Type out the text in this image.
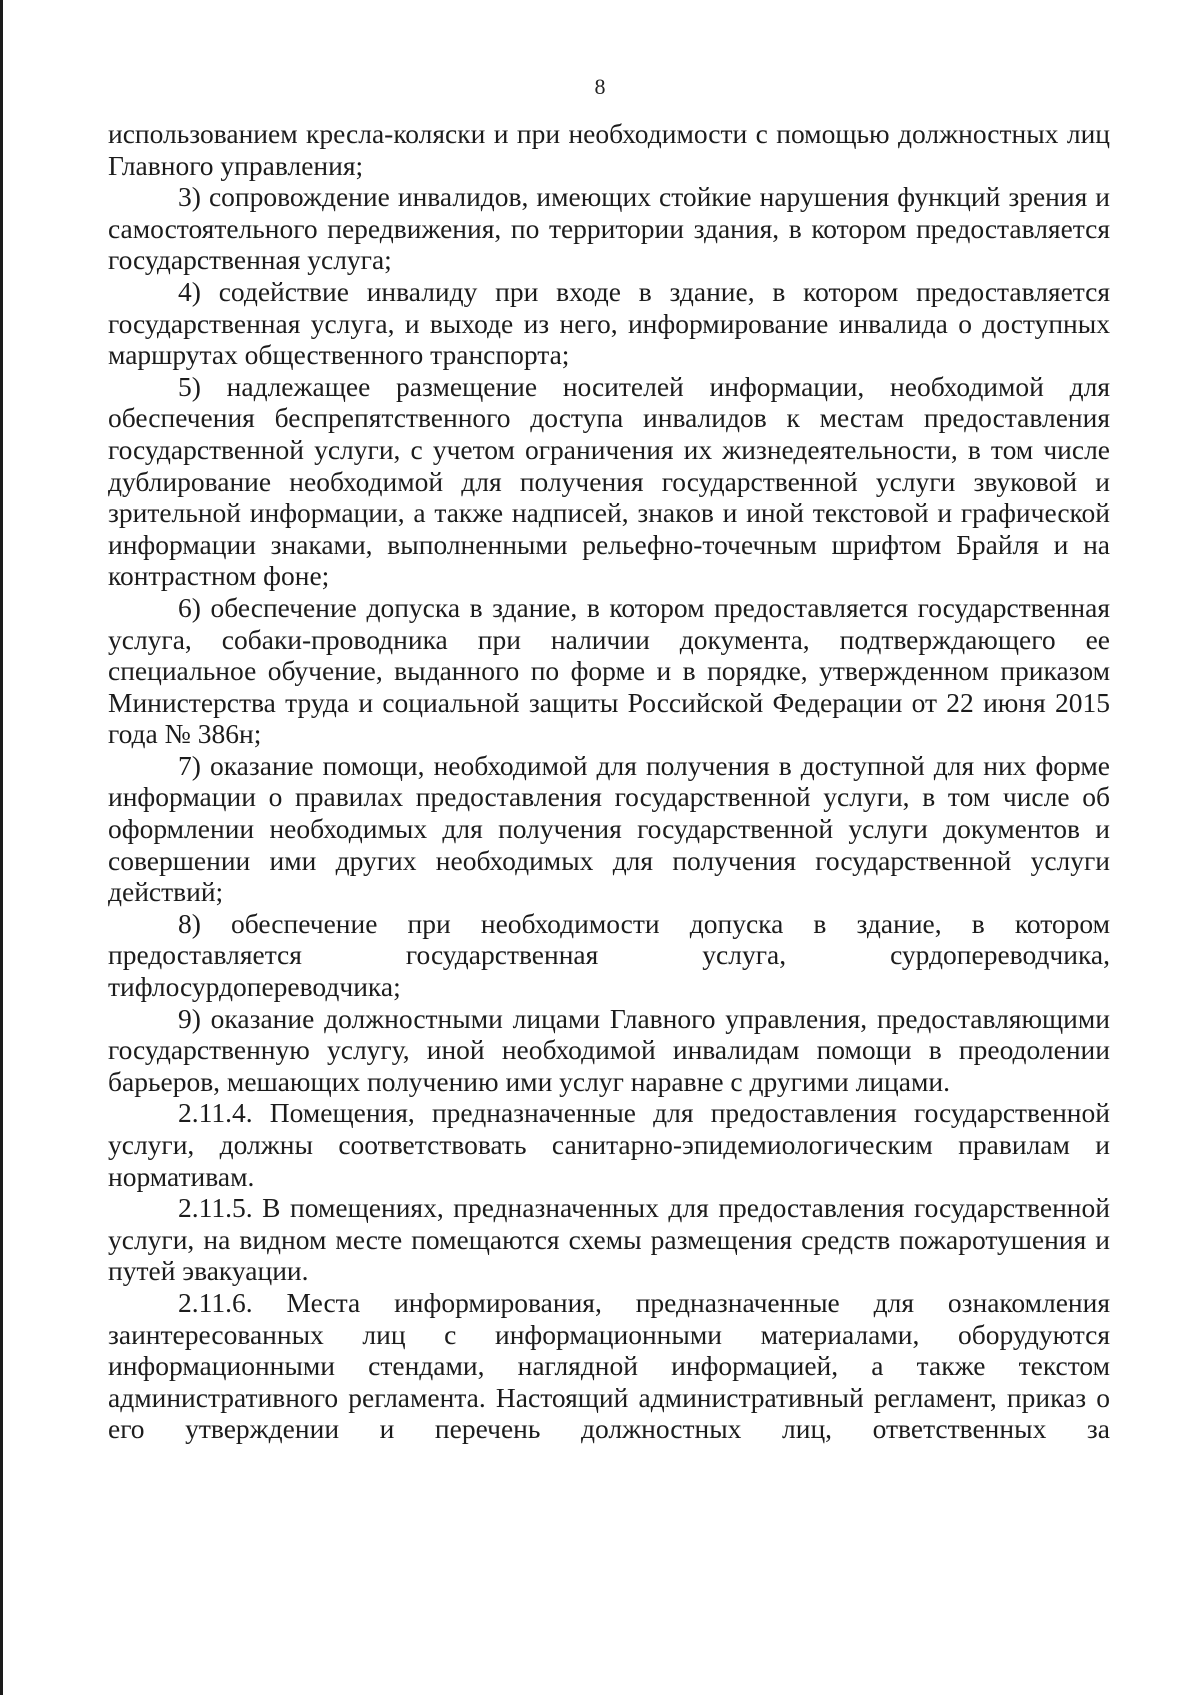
8

использованием кресла-коляски и при необходимости с помощью должностных лиц Главного управления;

3) сопровождение инвалидов, имеющих стойкие нарушения функций зрения и самостоятельного передвижения, по территории здания, в котором предоставляется государственная услуга;

4) содействие инвалиду при входе в здание, в котором предоставляется государственная услуга, и выходе из него, информирование инвалида о доступных маршрутах общественного транспорта;

5) надлежащее размещение носителей информации, необходимой для обеспечения беспрепятственного доступа инвалидов к местам предоставления государственной услуги, с учетом ограничения их жизнедеятельности, в том числе дублирование необходимой для получения государственной услуги звуковой и зрительной информации, а также надписей, знаков и иной текстовой и графической информации знаками, выполненными рельефно-точечным шрифтом Брайля и на контрастном фоне;

6) обеспечение допуска в здание, в котором предоставляется государственная услуга, собаки-проводника при наличии документа, подтверждающего ее специальное обучение, выданного по форме и в порядке, утвержденном приказом Министерства труда и социальной защиты Российской Федерации от 22 июня 2015 года № 386н;

7) оказание помощи, необходимой для получения в доступной для них форме информации о правилах предоставления государственной услуги, в том числе об оформлении необходимых для получения государственной услуги документов и совершении ими других необходимых для получения государственной услуги действий;

8) обеспечение при необходимости допуска в здание, в котором предоставляется государственная услуга, сурдопереводчика, тифлосурдопереводчика;

9) оказание должностными лицами Главного управления, предоставляющими государственную услугу, иной необходимой инвалидам помощи в преодолении барьеров, мешающих получению ими услуг наравне с другими лицами.

2.11.4. Помещения, предназначенные для предоставления государственной услуги, должны соответствовать санитарно-эпидемиологическим правилам и нормативам.

2.11.5. В помещениях, предназначенных для предоставления государственной услуги, на видном месте помещаются схемы размещения средств пожаротушения и путей эвакуации.

2.11.6. Места информирования, предназначенные для ознакомления заинтересованных лиц с информационными материалами, оборудуются информационными стендами, наглядной информацией, а также текстом административного регламента. Настоящий административный регламент, приказ о его утверждении и перечень должностных лиц, ответственных за
